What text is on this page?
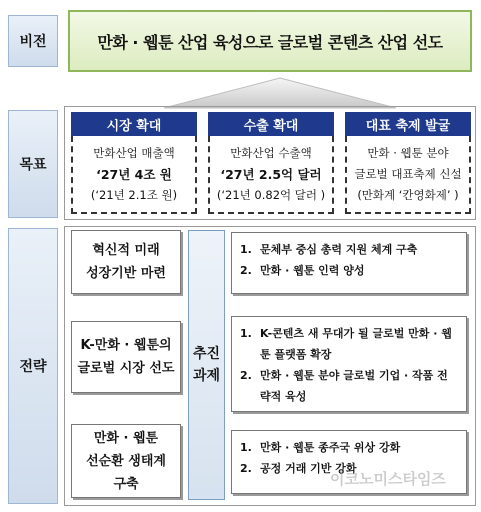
비전	만화 · 웹툰 산업 육성으로 글로벌 콘텐츠 산업 선도
목표
시장 확대
만화산업 매출액
‘27년 4조 원
(‘21년 2.1조 원)
수출 확대
만화산업 수출액
‘27년 2.5억 달러
(‘21년 0.82억 달러 )
대표 축제 발굴
만화 · 웹툰 분야
글로벌 대표축제 신설
(만화계 ‘칸영화제’ )
전략
혁신적 미래
성장기반 마련
K-만화 · 웹툰의
글로벌 시장 선도
만화 · 웹툰
선순환 생태계
구축
추진
과제
1. 문체부 중심 총력 지원 체계 구축
2. 만화 · 웹툰 인력 양성
1. K-콘텐츠 새 무대가 될 글로벌 만화 · 웹툰 플랫폼 확장
2. 만화 · 웹툰 분야 글로벌 기업 · 작품 전략적 육성
1. 만화 · 웹툰 종주국 위상 강화
2. 공정 거래 기반 강화
이코노미스타임즈
